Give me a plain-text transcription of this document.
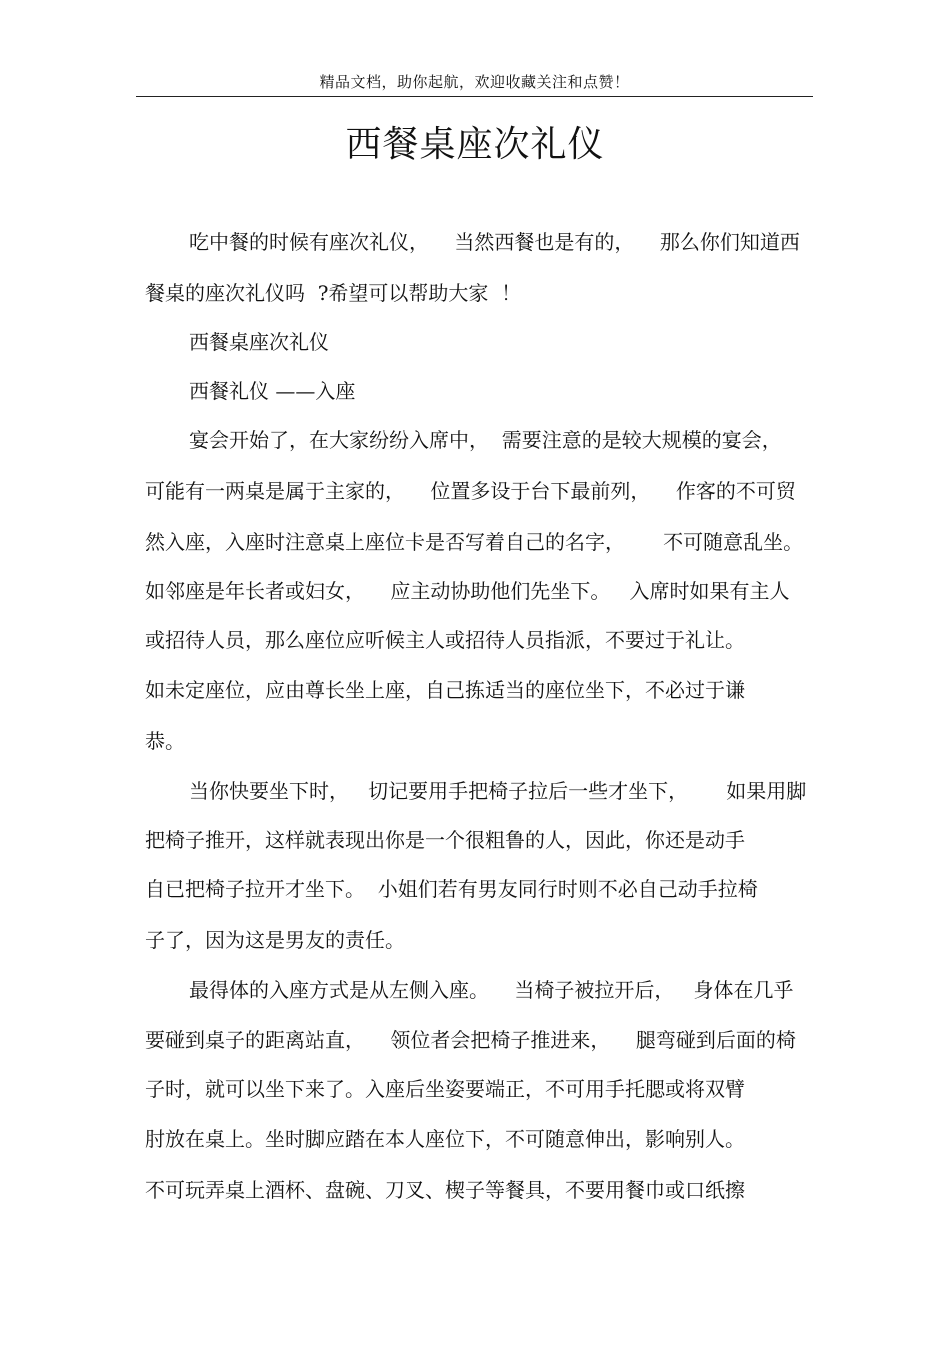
精品文档，助你起航，欢迎收藏关注和点赞！
西餐桌座次礼仪
吃中餐的时候有座次礼仪，    当然西餐也是有的，    那么你们知道西
餐桌的座次礼仪吗  ?希望可以帮助大家  ！
西餐桌座次礼仪
西餐礼仪 ——入座
宴会开始了，在大家纷纷入席中，  需要注意的是较大规模的宴会，
可能有一两桌是属于主家的，    位置多设于台下最前列，    作客的不可贸
然入座，入座时注意桌上座位卡是否写着自己的名字，      不可随意乱坐。
如邻座是年长者或妇女，    应主动协助他们先坐下。   入席时如果有主人
或招待人员，那么座位应听候主人或招待人员指派，不要过于礼让。
如未定座位，应由尊长坐上座，自己拣适当的座位坐下，不必过于谦
恭。
当你快要坐下时，   切记要用手把椅子拉后一些才坐下，      如果用脚
把椅子推开，这样就表现出你是一个很粗鲁的人，因此，你还是动手
自已把椅子拉开才坐下。  小姐们若有男友同行时则不必自己动手拉椅
子了，因为这是男友的责任。
最得体的入座方式是从左侧入座。    当椅子被拉开后，   身体在几乎
要碰到桌子的距离站直，    领位者会把椅子推进来，    腿弯碰到后面的椅
子时，就可以坐下来了。入座后坐姿要端正，不可用手托腮或将双臂
肘放在桌上。坐时脚应踏在本人座位下，不可随意伸出，影响别人。
不可玩弄桌上酒杯、盘碗、刀叉、楔子等餐具，不要用餐巾或口纸擦
